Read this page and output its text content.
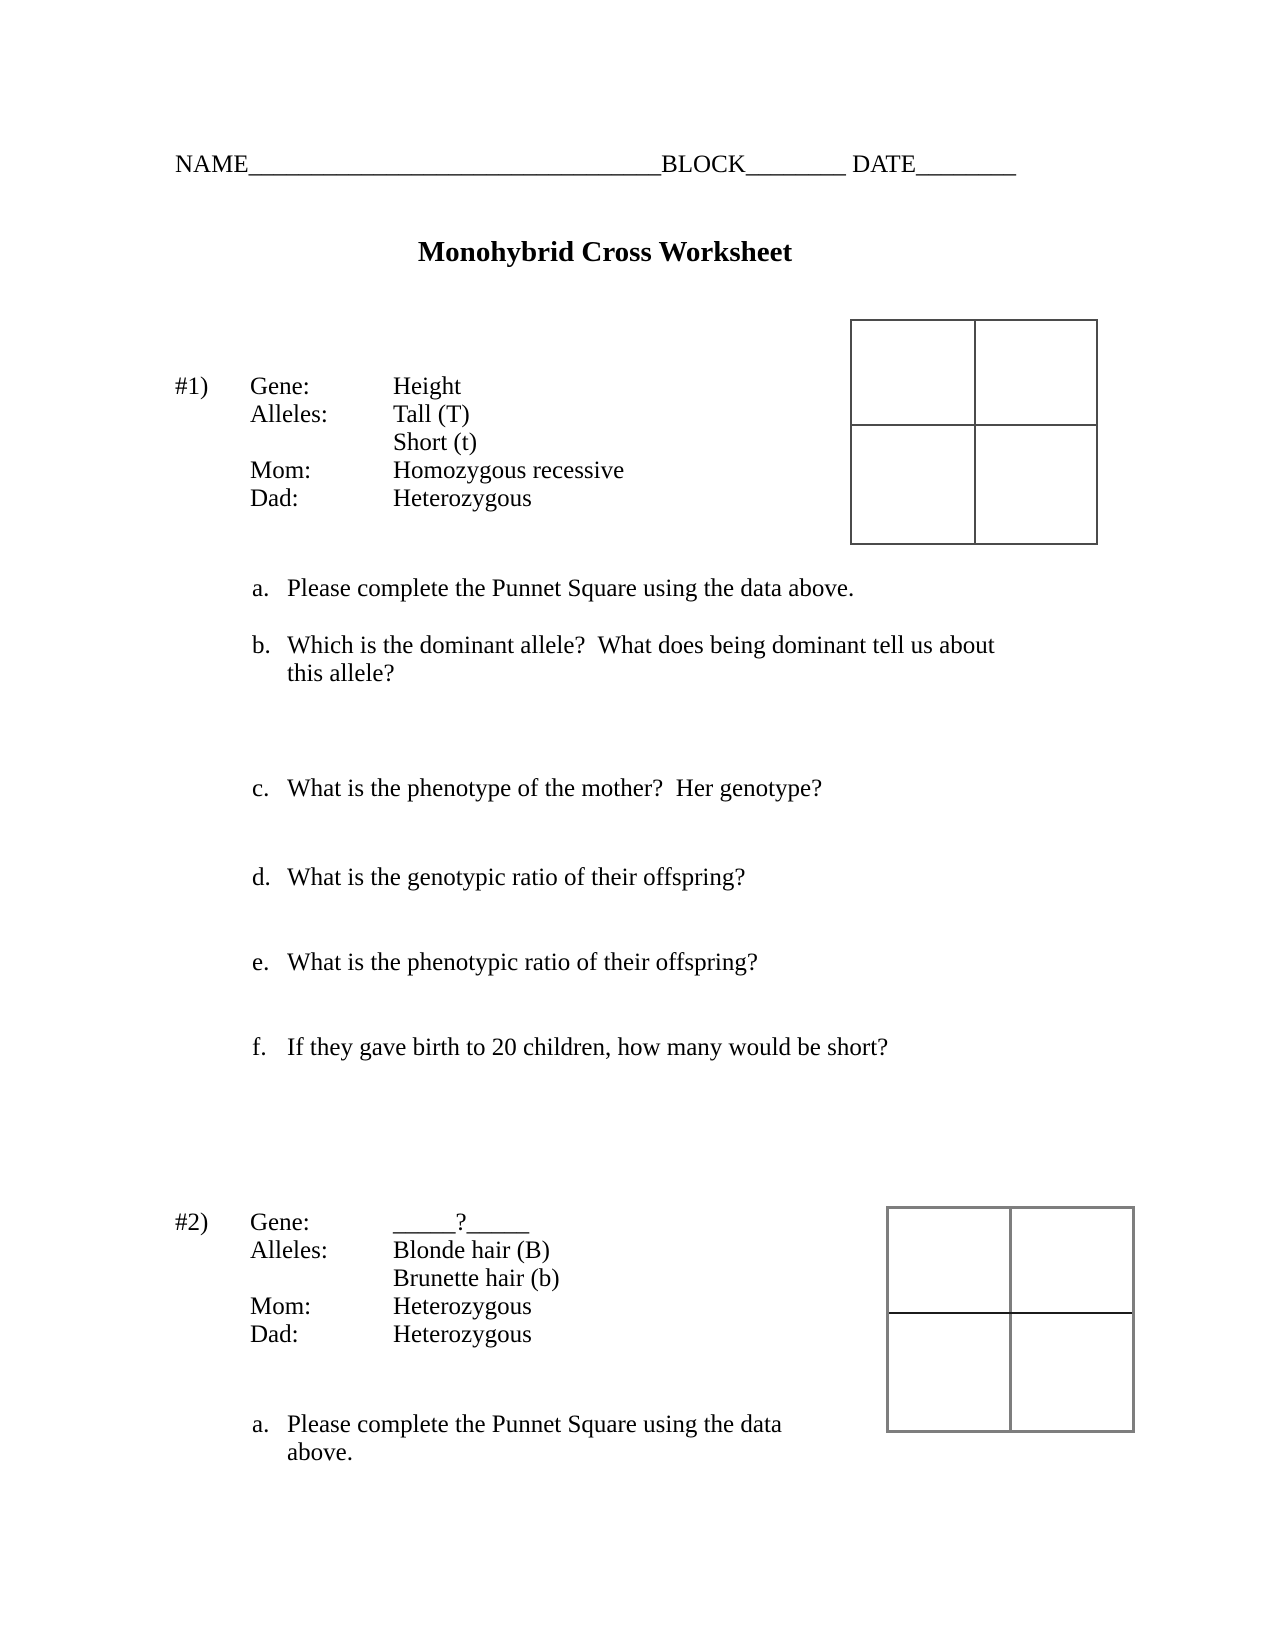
NAME_________________________________BLOCK________ DATE________
Monohybrid Cross Worksheet
#1)	Gene:	Height
Alleles:	Tall (T)
Short (t)
Mom:	Homozygous recessive
Dad:	Heterozygous
a. Please complete the Punnet Square using the data above.
b. Which is the dominant allele?  What does being dominant tell us about this allele?
c. What is the phenotype of the mother?  Her genotype?
d. What is the genotypic ratio of their offspring?
e. What is the phenotypic ratio of their offspring?
f. If they gave birth to 20 children, how many would be short?
#2)	Gene:	_____?_____
Alleles:	Blonde hair (B)
Brunette hair (b)
Mom:	Heterozygous
Dad:	Heterozygous
a. Please complete the Punnet Square using the data above.
